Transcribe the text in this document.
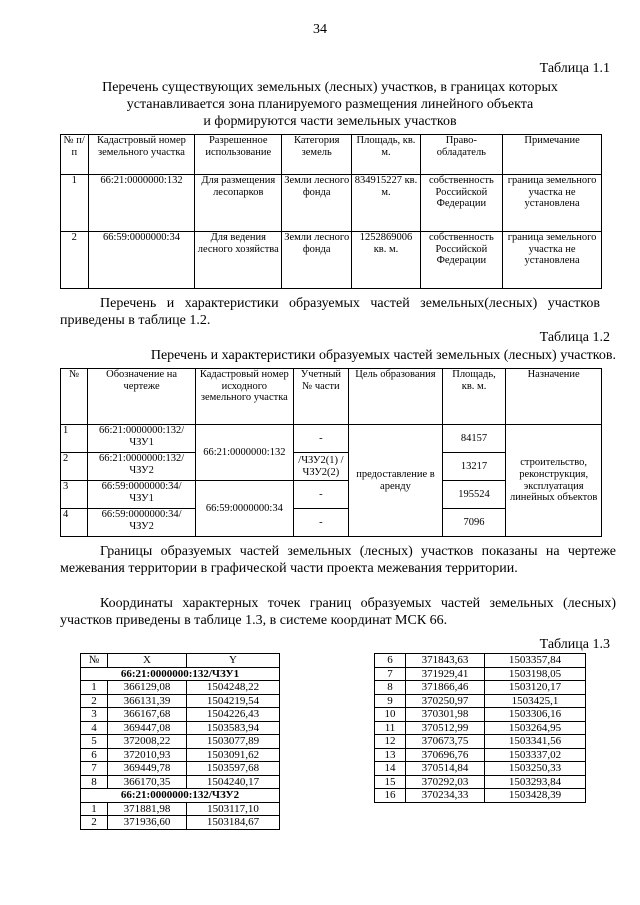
34
Таблица 1.1
Перечень существующих земельных (лесных) участков, в границах которых
устанавливается зона планируемого размещения линейного объекта
и формируются части земельных участков
№ п/п	Кадастровый номер земельного участка	Разрешенное использование	Категория земель	Площадь, кв. м.	Право-обладатель	Примечание
1	66:21:0000000:132	Для размещения лесопарков	Земли лесного фонда	834915227 кв. м.	собственность Российской Федерации	граница земельного участка не установлена
2	66:59:0000000:34	Для ведения лесного хозяйства	Земли лесного фонда	1252869006 кв. м.	собственность Российской Федерации	граница земельного участка не установлена
Перечень и характеристики образуемых частей земельных(лесных) участков приведены в таблице 1.2.
Таблица 1.2
Перечень и характеристики образуемых частей земельных (лесных) участков.
№	Обозначение на чертеже	Кадастровый номер исходного земельного участка	Учетный № части	Цель образования	Площадь, кв. м.	Назначение
1	66:21:0000000:132/ ЧЗУ1	66:21:0000000:132	-	предоставление в аренду	84157	строительство, реконструкция, эксплуатация линейных объектов
2	66:21:0000000:132/ ЧЗУ2		/ЧЗУ2(1) /ЧЗУ2(2)		13217	
3	66:59:0000000:34/ ЧЗУ1	66:59:0000000:34	-		195524	
4	66:59:0000000:34/ ЧЗУ2		-		7096	
Границы образуемых частей земельных (лесных) участков показаны на чертеже межевания территории в графической части проекта межевания территории.
Координаты характерных точек границ образуемых частей земельных (лесных) участков приведены в таблице 1.3, в системе координат МСК 66.
Таблица 1.3
№	X	Y
66:21:0000000:132/ЧЗУ1		
1	366129,08	1504248,22
2	366131,39	1504219,54
3	366167,68	1504226,43
4	369447,08	1503583,94
5	372008,22	1503077,89
6	372010,93	1503091,62
7	369449,78	1503597,68
8	366170,35	1504240,17
66:21:0000000:132/ЧЗУ2		
1	371881,98	1503117,10
2	371936,60	1503184,67
6	371843,63	1503357,84
7	371929,41	1503198,05
8	371866,46	1503120,17
9	370250,97	1503425,1
10	370301,98	1503306,16
11	370512,99	1503264,95
12	370673,75	1503341,56
13	370696,76	1503337,02
14	370514,84	1503250,33
15	370292,03	1503293,84
16	370234,33	1503428,39
